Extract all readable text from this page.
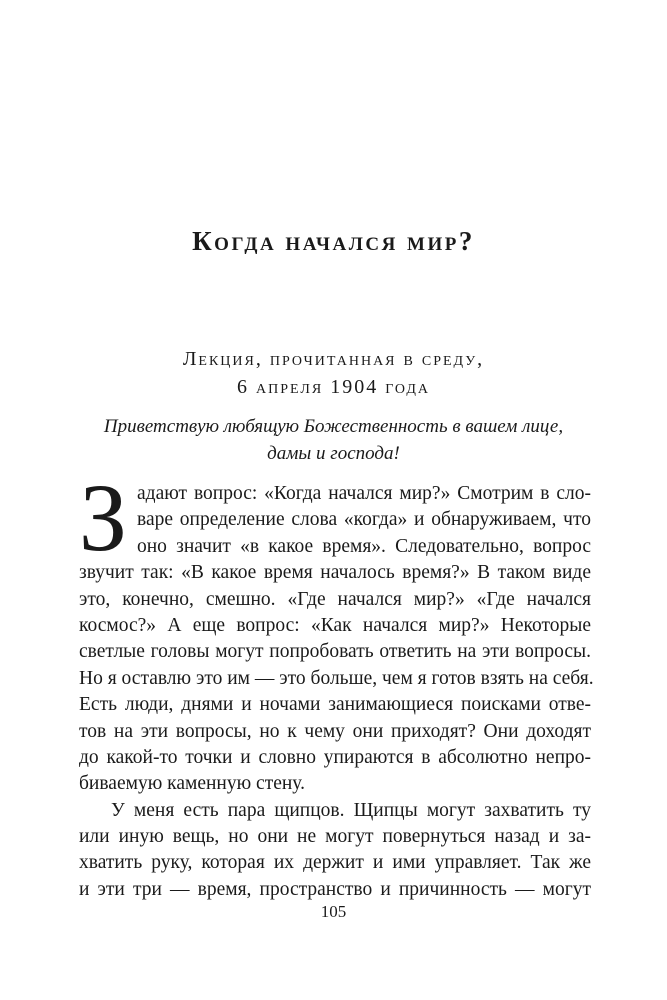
Когда начался мир?
Лекция, прочитанная в среду,
6 апреля 1904 года
Приветствую любящую Божественность в вашем лице,
дамы и господа!
З адают вопрос: «Когда начался мир?» Смотрим в сло-
варе определение слова «когда» и обнаруживаем, что
оно значит «в какое время». Следовательно, вопрос
звучит так: «В какое время началось время?» В таком виде
это, конечно, смешно. «Где начался мир?» «Где начался
космос?» А еще вопрос: «Как начался мир?» Некоторые
светлые головы могут попробовать ответить на эти вопросы.
Но я оставлю это им — это больше, чем я готов взять на себя.
Есть люди, днями и ночами занимающиеся поисками отве-
тов на эти вопросы, но к чему они приходят? Они доходят
до какой-то точки и словно упираются в абсолютно непро-
биваемую каменную стену.
У меня есть пара щипцов. Щипцы могут захватить ту
или иную вещь, но они не могут повернуться назад и за-
хватить руку, которая их держит и ими управляет. Так же
и эти три — время, пространство и причинность — могут
105
